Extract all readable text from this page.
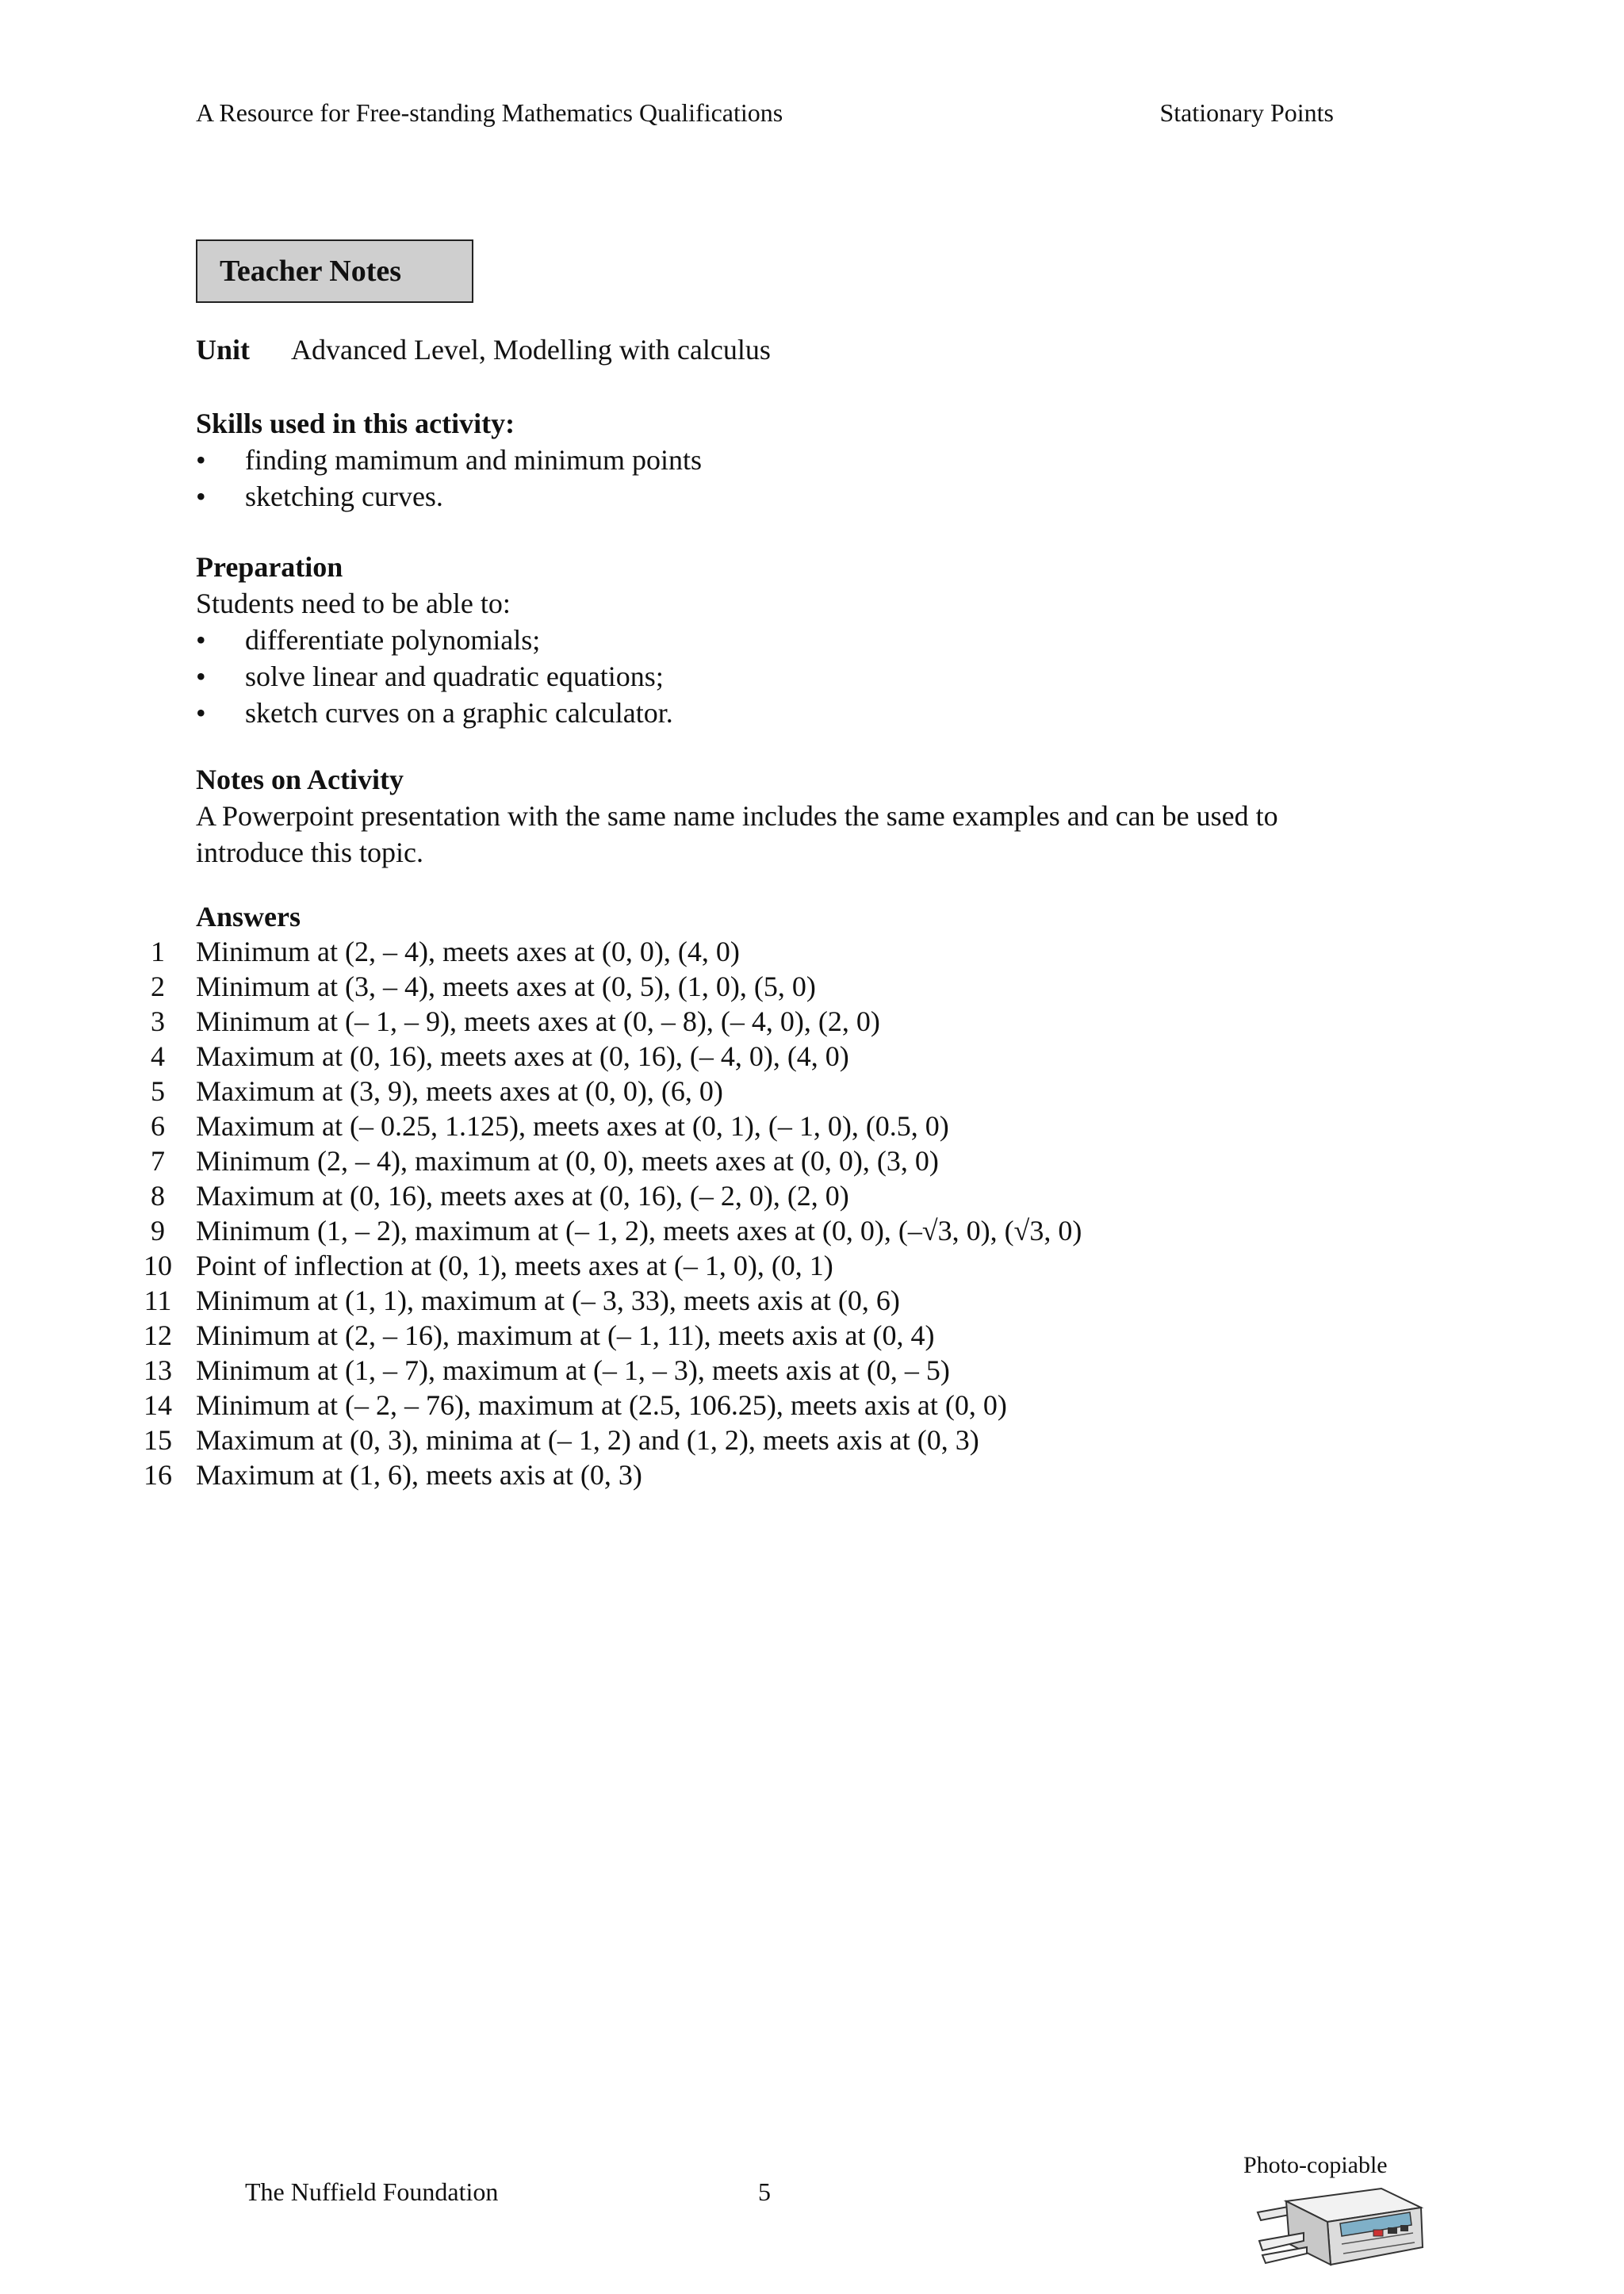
A Resource for Free-standing Mathematics Qualifications	Stationary Points
Teacher Notes
Unit Advanced Level, Modelling with calculus
Skills used in this activity:
• finding mamimum and minimum points
• sketching curves.
Preparation
Students need to be able to:
• differentiate polynomials;
• solve linear and quadratic equations;
• sketch curves on a graphic calculator.
Notes on Activity
A Powerpoint presentation with the same name includes the same examples and can be used to
introduce this topic.
Answers
1	Minimum at (2, – 4), meets axes at (0, 0), (4, 0)
2	Minimum at (3, – 4), meets axes at (0, 5), (1, 0), (5, 0)
3	Minimum at (– 1, – 9), meets axes at (0, – 8), (– 4, 0), (2, 0)
4	Maximum at (0, 16), meets axes at (0, 16), (– 4, 0), (4, 0)
5	Maximum at (3, 9), meets axes at (0, 0), (6, 0)
6	Maximum at (– 0.25, 1.125), meets axes at (0, 1), (– 1, 0), (0.5, 0)
7	Minimum (2, – 4), maximum at (0, 0), meets axes at (0, 0), (3, 0)
8	Maximum at (0, 16), meets axes at (0, 16), (– 2, 0), (2, 0)
9	Minimum (1, – 2), maximum at (– 1, 2), meets axes at (0, 0), (–√3, 0), (√3, 0)
10 Point of inflection at (0, 1), meets axes at (– 1, 0), (0, 1)
11 Minimum at (1, 1), maximum at (– 3, 33), meets axis at (0, 6)
12 Minimum at (2, – 16), maximum at (– 1, 11), meets axis at (0, 4)
13 Minimum at (1, – 7), maximum at (– 1, – 3), meets axis at (0, – 5)
14 Minimum at (– 2, – 76), maximum at (2.5, 106.25), meets axis at (0, 0)
15 Maximum at (0, 3), minima at (– 1, 2) and (1, 2), meets axis at (0, 3)
16 Maximum at (1, 6), meets axis at (0, 3)
The Nuffield Foundation	5
Photo-copiable
